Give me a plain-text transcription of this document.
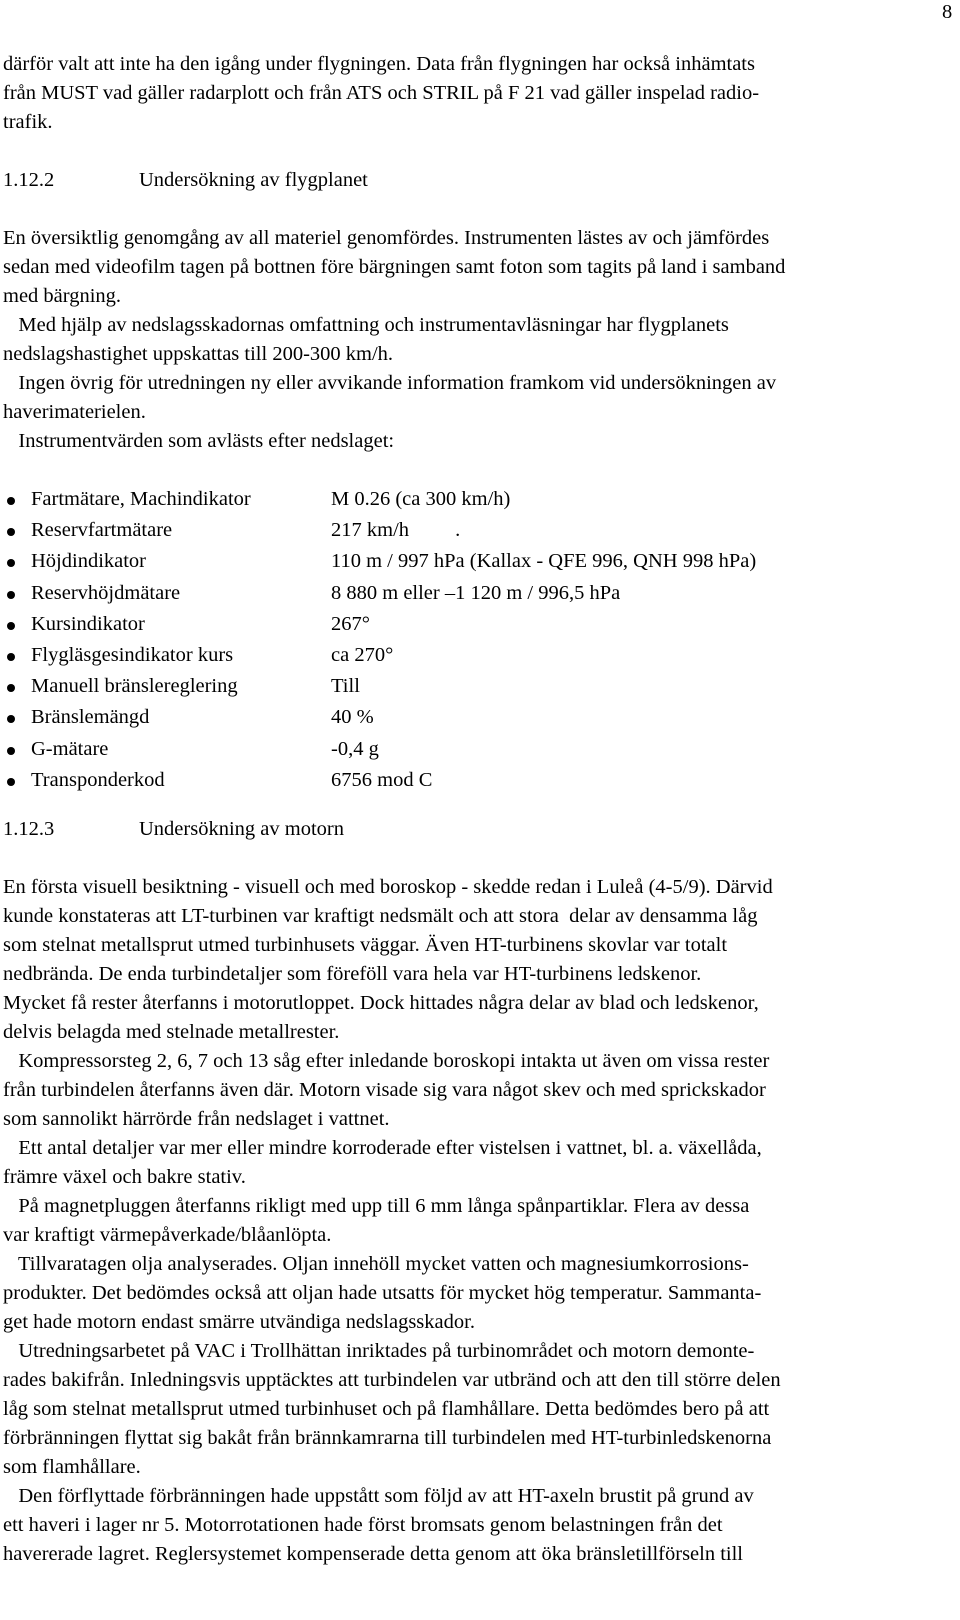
8
därför valt att inte ha den igång under flygningen. Data från flygningen har också inhämtats
från MUST vad gäller radarplott och från ATS och STRIL på F 21 vad gäller inspelad radio-
trafik.
1.12.2	Undersökning av flygplanet
En översiktlig genomgång av all materiel genomfördes. Instrumenten lästes av och jämfördes
sedan med videofilm tagen på bottnen före bärgningen samt foton som tagits på land i samband
med bärgning.
Med hjälp av nedslagsskadornas omfattning och instrumentavläsningar har flygplanets
nedslagshastighet uppskattas till 200-300 km/h.
Ingen övrig för utredningen ny eller avvikande information framkom vid undersökningen av
haverimaterielen.
Instrumentvärden som avlästs efter nedslaget:
Fartmätare, Machindikator	M 0.26 (ca 300 km/h)
Reservfartmätare	217 km/h         .
Höjdindikator	110 m / 997 hPa (Kallax - QFE 996, QNH 998 hPa)
Reservhöjdmätare	8 880 m eller –1 120 m / 996,5 hPa
Kursindikator	267°
Flygläsgesindikator kurs	ca 270°
Manuell bränslereglering	Till
Bränslemängd	40 %
G-mätare	-0,4 g
Transponderkod	6756 mod C
1.12.3	Undersökning av motorn
En första visuell besiktning - visuell och med boroskop - skedde redan i Luleå (4-5/9). Därvid
kunde konstateras att LT-turbinen var kraftigt nedsmält och att stora  delar av densamma låg
som stelnat metallsprut utmed turbinhusets väggar. Även HT-turbinens skovlar var totalt
nedbrända. De enda turbindetaljer som föreföll vara hela var HT-turbinens ledskenor.
Mycket få rester återfanns i motorutloppet. Dock hittades några delar av blad och ledskenor,
delvis belagda med stelnade metallrester.
Kompressorsteg 2, 6, 7 och 13 såg efter inledande boroskopi intakta ut även om vissa rester
från turbindelen återfanns även där. Motorn visade sig vara något skev och med sprickskador
som sannolikt härrörde från nedslaget i vattnet.
Ett antal detaljer var mer eller mindre korroderade efter vistelsen i vattnet, bl. a. växellåda,
främre växel och bakre stativ.
På magnetpluggen återfanns rikligt med upp till 6 mm långa spånpartiklar. Flera av dessa
var kraftigt värmepåverkade/blåanlöpta.
Tillvaratagen olja analyserades. Oljan innehöll mycket vatten och magnesiumkorrosions-
produkter. Det bedömdes också att oljan hade utsatts för mycket hög temperatur. Sammanta-
get hade motorn endast smärre utvändiga nedslagsskador.
Utredningsarbetet på VAC i Trollhättan inriktades på turbinområdet och motorn demonte-
rades bakifrån. Inledningsvis upptäcktes att turbindelen var utbränd och att den till större delen
låg som stelnat metallsprut utmed turbinhuset och på flamhållare. Detta bedömdes bero på att
förbränningen flyttat sig bakåt från brännkamrarna till turbindelen med HT-turbinledskenorna
som flamhållare.
Den förflyttade förbränningen hade uppstått som följd av att HT-axeln brustit på grund av
ett haveri i lager nr 5. Motorrotationen hade först bromsats genom belastningen från det
havererade lagret. Reglersystemet kompenserade detta genom att öka bränsletillförseln till
